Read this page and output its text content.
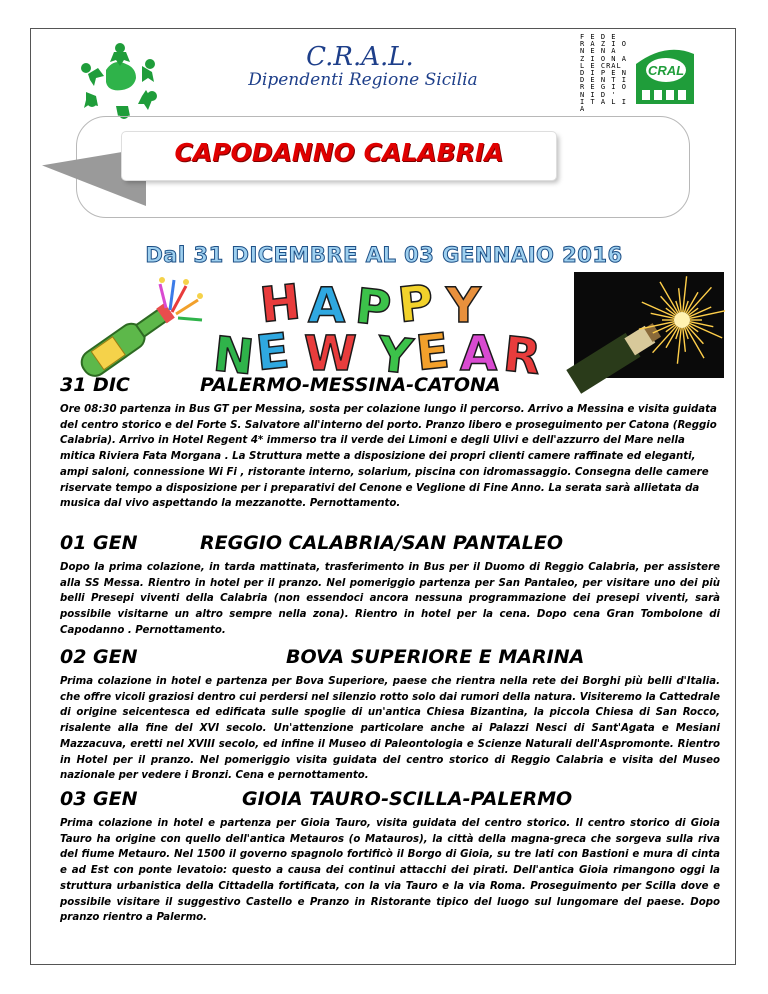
C.R.A.L.
Dipendenti Regione Sicilia
F E D E
R A Z I O
N E N A
Z I O N A
L E CRAL
D I P E N
D E N T I
R E G I O
N I D '
I T A L I A
CRAL
CAPODANNO CALABRIA
Dal 31 DICEMBRE AL 03 GENNAIO 2016
H A P P Y
N
E W Y
E A R
31 DIC	PALERMO-MESSINA-CATONA
Ore 08:30 partenza in Bus GT per Messina, sosta per colazione lungo il percorso. Arrivo a Messina e visita guidata del centro storico e del Forte S. Salvatore all'interno del porto. Pranzo libero e proseguimento per Catona (Reggio Calabria). Arrivo in Hotel Regent 4* immerso tra il verde dei Limoni e degli Ulivi e dell'azzurro del Mare nella mitica Riviera Fata Morgana . La Struttura mette a disposizione dei propri clienti camere raffinate ed eleganti, ampi saloni, connessione Wi Fi , ristorante interno, solarium, piscina con idromassaggio. Consegna delle camere riservate tempo a disposizione per i preparativi del Cenone e Veglione di Fine Anno. La serata sarà allietata da musica dal vivo aspettando la mezzanotte. Pernottamento.
01 GEN	REGGIO CALABRIA/SAN PANTALEO
Dopo la prima colazione, in tarda mattinata, trasferimento in Bus per il Duomo di Reggio Calabria, per assistere alla SS Messa. Rientro in hotel per il pranzo. Nel pomeriggio partenza per San Pantaleo, per visitare uno dei più belli Presepi viventi della Calabria (non essendoci ancora nessuna programmazione dei presepi viventi, sarà possibile visitarne un altro sempre nella zona). Rientro in hotel per la cena. Dopo cena Gran Tombolone di Capodanno . Pernottamento.
02 GEN	BOVA SUPERIORE E MARINA
Prima colazione in hotel e partenza per Bova Superiore, paese che rientra nella rete dei Borghi più belli d'Italia. che offre vicoli graziosi dentro cui perdersi nel silenzio rotto solo dai rumori della natura. Visiteremo la Cattedrale di origine seicentesca ed edificata sulle spoglie di un'antica Chiesa Bizantina, la piccola Chiesa di San Rocco, risalente alla fine del XVI secolo. Un'attenzione particolare anche ai Palazzi Nesci di Sant'Agata e Mesiani Mazzacuva, eretti nel XVIII secolo, ed infine il Museo di Paleontologia e Scienze Naturali dell'Aspromonte. Rientro in Hotel per il pranzo. Nel pomeriggio visita guidata del centro storico di Reggio Calabria e visita del Museo nazionale per vedere i Bronzi. Cena e pernottamento.
03 GEN	GIOIA TAURO-SCILLA-PALERMO
Prima colazione in hotel e partenza per Gioia Tauro, visita guidata del centro storico. Il centro storico di Gioia Tauro ha origine con quello dell'antica Metauros (o Matauros), la città della magna-greca che sorgeva sulla riva del fiume Metauro. Nel 1500 il governo spagnolo fortificò il Borgo di Gioia, su tre lati con Bastioni e mura di cinta e ad Est con ponte levatoio: questo a causa dei continui attacchi dei pirati. Dell'antica Gioia rimangono oggi la struttura urbanistica della Cittadella fortificata, con la via Tauro e la via Roma. Proseguimento per Scilla dove e possibile visitare il suggestivo Castello e Pranzo in Ristorante tipico del luogo sul lungomare del paese. Dopo pranzo rientro a Palermo.
